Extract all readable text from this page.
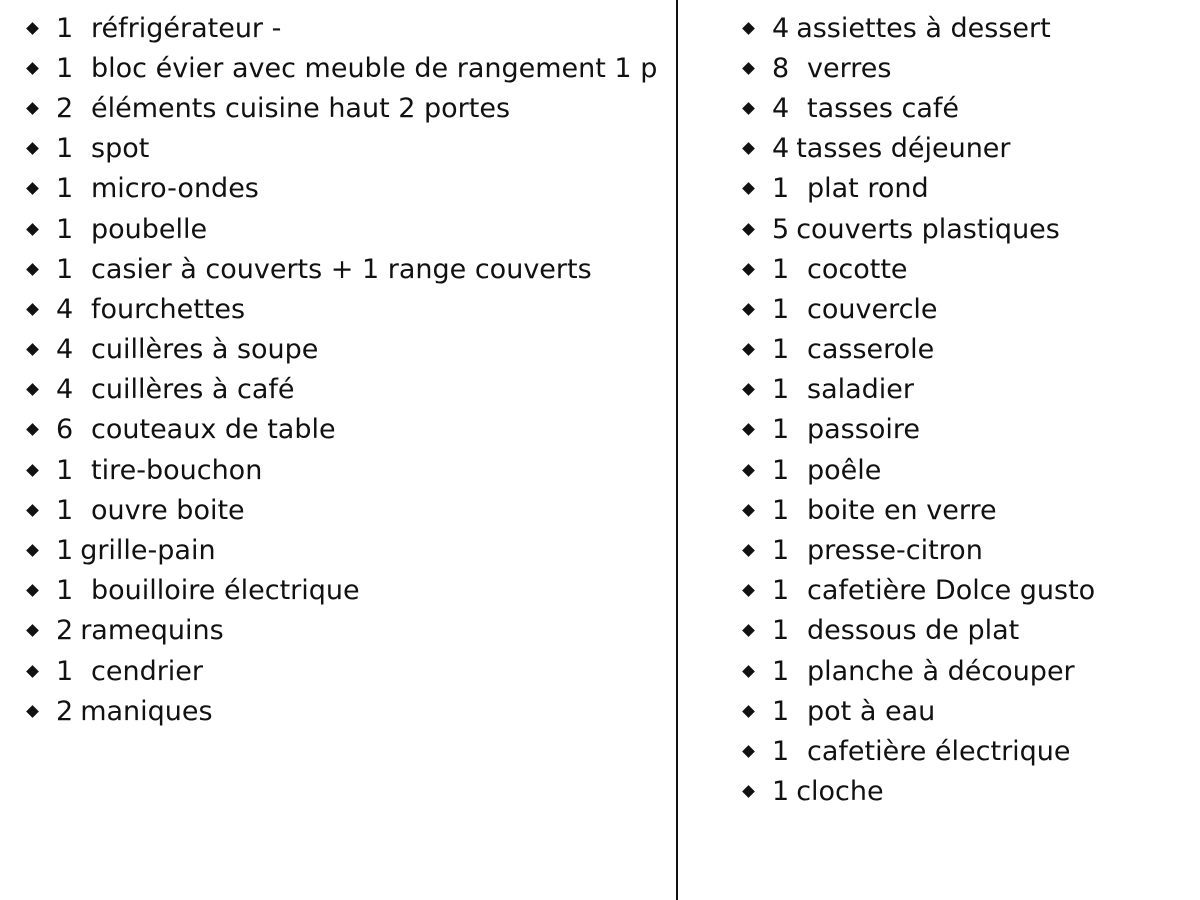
1 réfrigérateur -
1 bloc évier avec meuble de rangement 1 p
2 éléments cuisine haut 2 portes
1 spot
1 micro-ondes
1 poubelle
1 casier à couverts + 1 range couverts
4 fourchettes
4 cuillères à soupe
4 cuillères à café
6 couteaux de table
1 tire-bouchon
1 ouvre boite
1 grille-pain
1 bouilloire électrique
2 ramequins
1 cendrier
2 maniques
4 assiettes à dessert
8 verres
4 tasses café
4 tasses déjeuner
1 plat rond
5 couverts plastiques
1 cocotte
1 couvercle
1 casserole
1 saladier
1 passoire
1 poêle
1 boite en verre
1 presse-citron
1 cafetière Dolce gusto
1 dessous de plat
1 planche à découper
1 pot à eau
1 cafetière électrique
1 cloche
